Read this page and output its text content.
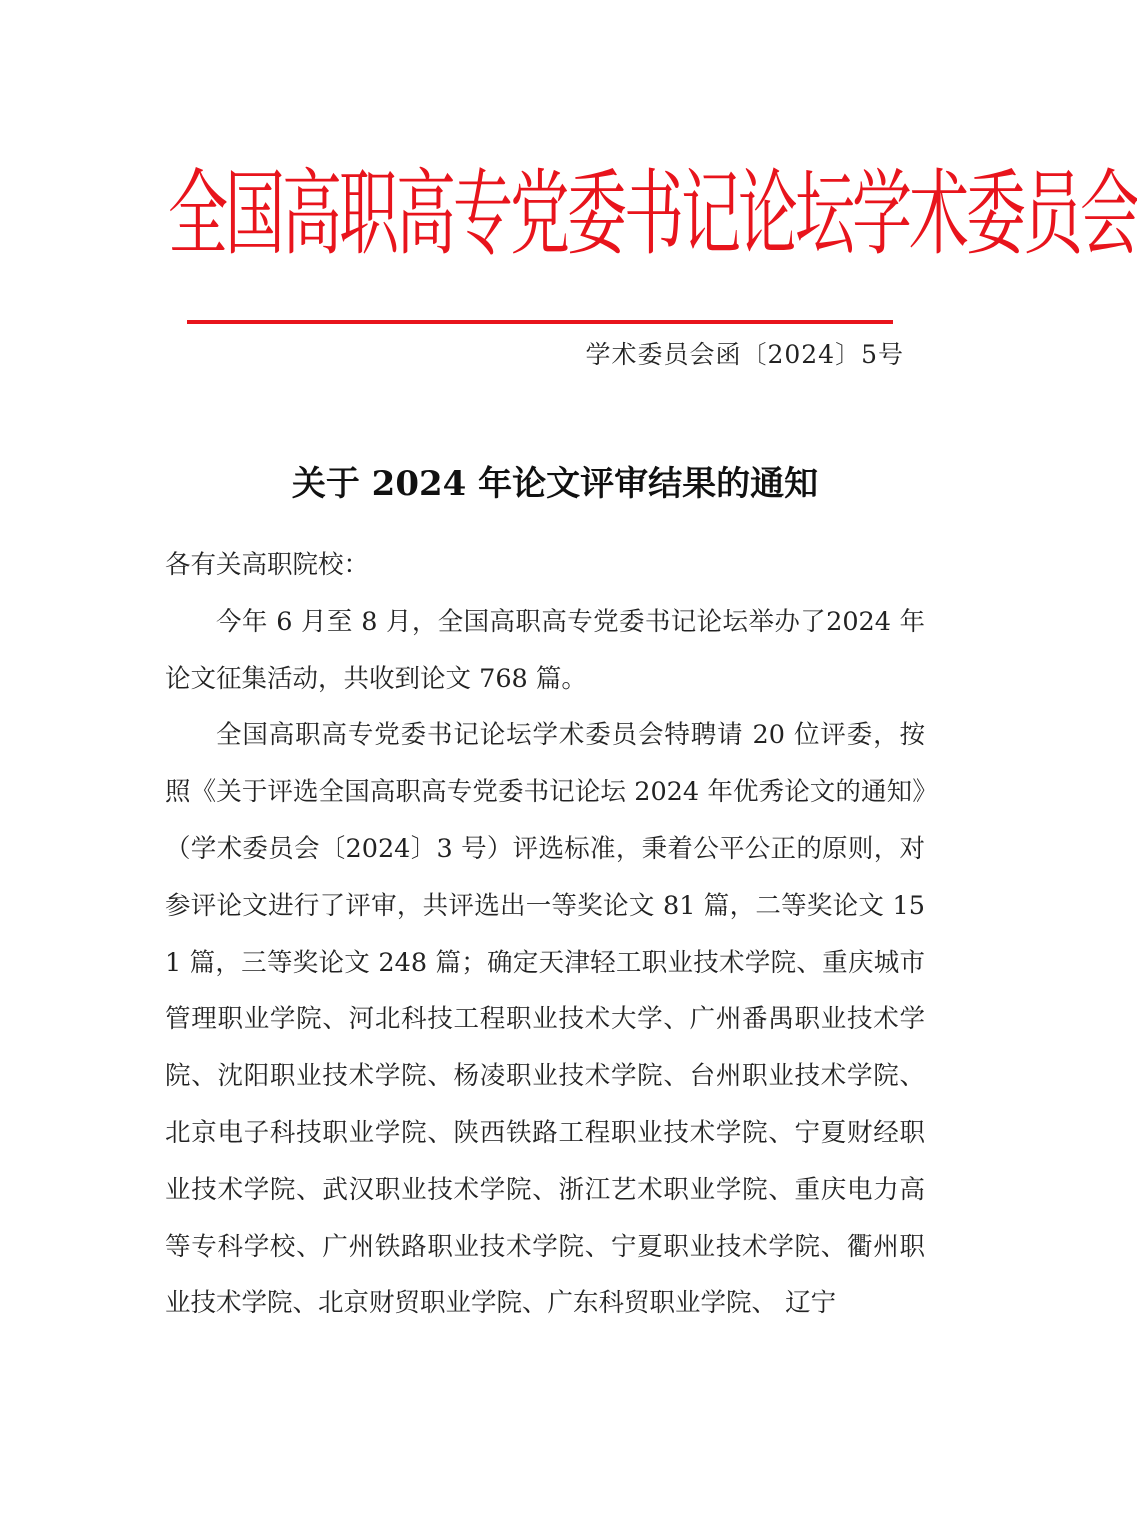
全国高职高专党委书记论坛学术委员会
学术委员会函〔2024〕5号
关于 2024 年论文评审结果的通知

各有关高职院校：

今年 6 月至 8 月，全国高职高专党委书记论坛举办了2024 年论文征集活动，共收到论文 768 篇。

全国高职高专党委书记论坛学术委员会特聘请 20 位评委，按照《关于评选全国高职高专党委书记论坛 2024 年优秀论文的通知》（学术委员会〔2024〕3 号）评选标准，秉着公平公正的原则，对参评论文进行了评审，共评选出一等奖论文 81 篇，二等奖论文 151 篇，三等奖论文 248 篇；确定天津轻工职业技术学院、重庆城市管理职业学院、河北科技工程职业技术大学、广州番禺职业技术学院、沈阳职业技术学院、杨凌职业技术学院、台州职业技术学院、北京电子科技职业学院、陕西铁路工程职业技术学院、宁夏财经职业技术学院、武汉职业技术学院、浙江艺术职业学院、重庆电力高等专科学校、广州铁路职业技术学院、宁夏职业技术学院、衢州职业技术学院、北京财贸职业学院、广东科贸职业学院、 辽宁
